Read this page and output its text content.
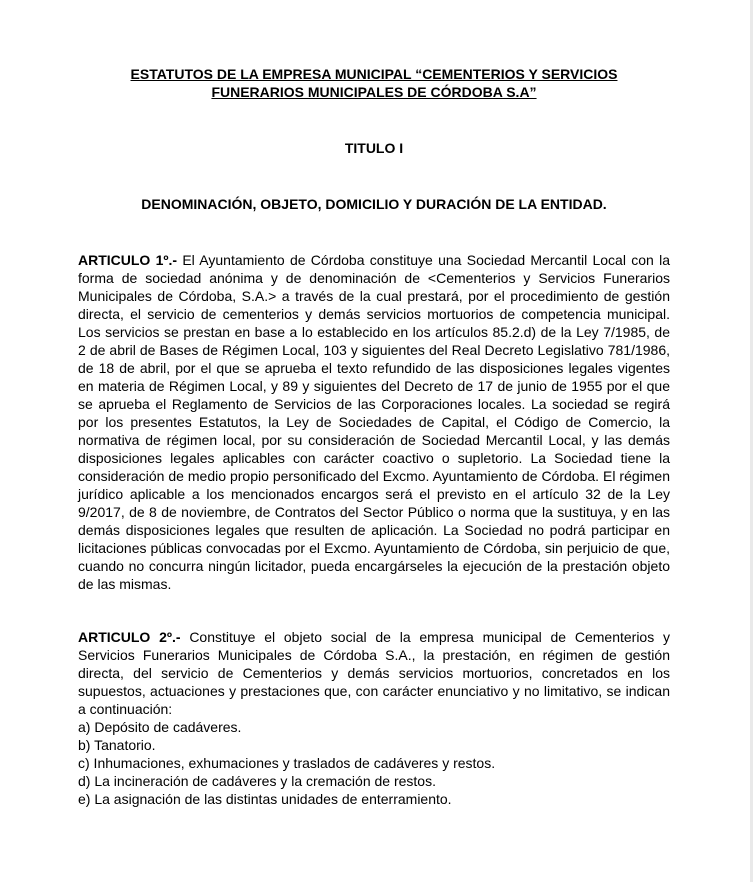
ESTATUTOS DE LA EMPRESA MUNICIPAL “CEMENTERIOS Y SERVICIOS
FUNERARIOS MUNICIPALES DE CÓRDOBA S.A”
TITULO I
DENOMINACIÓN, OBJETO, DOMICILIO Y DURACIÓN DE LA ENTIDAD.
ARTICULO 1º.- El Ayuntamiento de Córdoba constituye una Sociedad Mercantil Local con la forma de sociedad anónima y de denominación de <Cementerios y Servicios Funerarios Municipales de Córdoba, S.A.> a través de la cual prestará, por el procedimiento de gestión directa, el servicio de cementerios y demás servicios mortuorios de competencia municipal. Los servicios se prestan en base a lo establecido en los artículos 85.2.d) de la Ley 7/1985, de 2 de abril de Bases de Régimen Local, 103 y siguientes del Real Decreto Legislativo 781/1986, de 18 de abril, por el que se aprueba el texto refundido de las disposiciones legales vigentes en materia de Régimen Local, y 89 y siguientes del Decreto de 17 de junio de 1955 por el que se aprueba el Reglamento de Servicios de las Corporaciones locales. La sociedad se regirá por los presentes Estatutos, la Ley de Sociedades de Capital, el Código de Comercio, la normativa de régimen local, por su consideración de Sociedad Mercantil Local, y las demás disposiciones legales aplicables con carácter coactivo o supletorio. La Sociedad tiene la consideración de medio propio personificado del Excmo. Ayuntamiento de Córdoba. El régimen jurídico aplicable a los mencionados encargos será el previsto en el artículo 32 de la Ley 9/2017, de 8 de noviembre, de Contratos del Sector Público o norma que la sustituya, y en las demás disposiciones legales que resulten de aplicación. La Sociedad no podrá participar en licitaciones públicas convocadas por el Excmo. Ayuntamiento de Córdoba, sin perjuicio de que, cuando no concurra ningún licitador, pueda encargárseles la ejecución de la prestación objeto de las mismas.
ARTICULO 2º.- Constituye el objeto social de la empresa municipal de Cementerios y Servicios Funerarios Municipales de Córdoba S.A., la prestación, en régimen de gestión directa, del servicio de Cementerios y demás servicios mortuorios, concretados en los supuestos, actuaciones y prestaciones que, con carácter enunciativo y no limitativo, se indican a continuación:
a) Depósito de cadáveres.
b) Tanatorio.
c) Inhumaciones, exhumaciones y traslados de cadáveres y restos.
d) La incineración de cadáveres y la cremación de restos.
e) La asignación de las distintas unidades de enterramiento.
